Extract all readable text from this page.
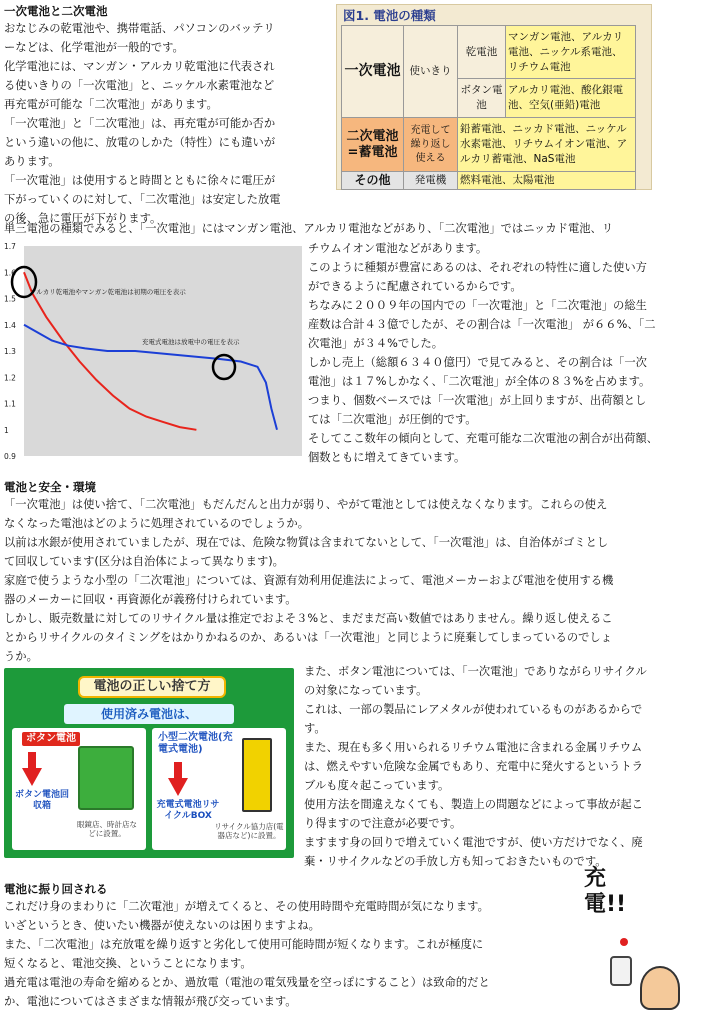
一次電池と二次電池
おなじみの乾電池や、携帯電話、パソコンのバッテリ
ーなどは、化学電池が一般的です。
化学電池には、マンガン・アルカリ乾電池に代表され
る使いきりの「一次電池」と、ニッケル水素電池など
再充電が可能な「二次電池」があります。
「一次電池」と「二次電池」は、再充電が可能か否か
という違いの他に、放電のしかた（特性）にも違いが
あります。
「一次電池」は使用すると時間とともに徐々に電圧が
下がっていくのに対して、「二次電池」は安定した放電
の後、急に電圧が下がります。
図1. 電池の種類
一次電池	使いきり	乾電池	マンガン電池、アルカリ電池、ニッケル系電池、リチウム電池
		ボタン電池	アルカリ電池、酸化銀電池、空気(亜鉛)電池
二次電池=蓄電池	充電して繰り返し使える	鉛蓄電池、ニッカド電池、ニッケル水素電池、リチウムイオン電池、アルカリ蓄電池、NaS電池	
その他	発電機	燃料電池、太陽電池	
単三電池の種類でみると、「一次電池」にはマンガン電池、アルカリ電池などがあり、「二次電池」ではニッカド電池、リ
1.7
1.6
1.5
1.4
1.3
1.2
1.1
1
0.9
アルカリ乾電池やマンガン乾電池は初期の電圧を表示
充電式電池は放電中の電圧を表示
チウムイオン電池などがあります。
このように種類が豊富にあるのは、それぞれの特性に適した使い方
ができるように配慮されているからです。
ちなみに２００９年の国内での「一次電池」と「二次電池」の総生
産数は合計４３億でしたが、その割合は「一次電池」 が６６%、「二
次電池」が３４%でした。
しかし売上（総額６３４０億円）で見てみると、その割合は「一次
電池」は１７%しかなく、「二次電池」が全体の８３%を占めます。
つまり、個数ベースでは「一次電池」が上回りますが、出荷額とし
ては「二次電池」が圧倒的です。
そしてここ数年の傾向として、充電可能な二次電池の割合が出荷額、
個数ともに増えてきています。
電池と安全・環境
「一次電池」は使い捨て、「二次電池」もだんだんと出力が弱り、やがて電池としては使えなくなります。これらの使え
なくなった電池はどのように処理されているのでしょうか。
以前は水銀が使用されていましたが、現在では、危険な物質は含まれてないとして、「一次電池」は、自治体がゴミとし
て回収しています(区分は自治体によって異なります)。
家庭で使うような小型の「二次電池」については、資源有効利用促進法によって、電池メーカーおよび電池を使用する機
器のメーカーに回収・再資源化が義務付けられています。
しかし、販売数量に対してのリサイクル量は推定でおよそ３%と、まだまだ高い数値ではありません。繰り返し使えるこ
とからリサイクルのタイミングをはかりかねるのか、あるいは「一次電池」と同じように廃棄してしまっているのでしょ
うか。
電池の正しい捨て方
使用済み電池は、
ボタン電池
ボタン電池回収箱
眼鏡店、時計店などに設置。
小型二次電池(充電式電池)
充電式電池リサイクルBOX
リサイクル協力店(電器店など)に設置。
また、ボタン電池については、「一次電池」でありながらリサイクル
の対象になっています。
これは、一部の製品にレアメタルが使われているものがあるからで
す。
また、現在も多く用いられるリチウム電池に含まれる金属リチウム
は、燃えやすい危険な金属でもあり、充電中に発火するというトラ
ブルも度々起こっています。
使用方法を間違えなくても、製造上の問題などによって事故が起こ
り得ますので注意が必要です。
ますます身の回りで増えていく電池ですが、使い方だけでなく、廃
棄・リサイクルなどの手放し方も知っておきたいものです。
電池に振り回される
これだけ身のまわりに「二次電池」が増えてくると、その使用時間や充電時間が気になります。
いざというとき、使いたい機器が使えないのは困りますよね。
また、「二次電池」は充放電を繰り返すと劣化して使用可能時間が短くなります。これが極度に
短くなると、電池交換、ということになります。
過充電は電池の寿命を縮めるとか、過放電（電池の電気残量を空っぽにすること）は致命的だと
か、電池についてはさまざまな情報が飛び交っています。
充電!!
